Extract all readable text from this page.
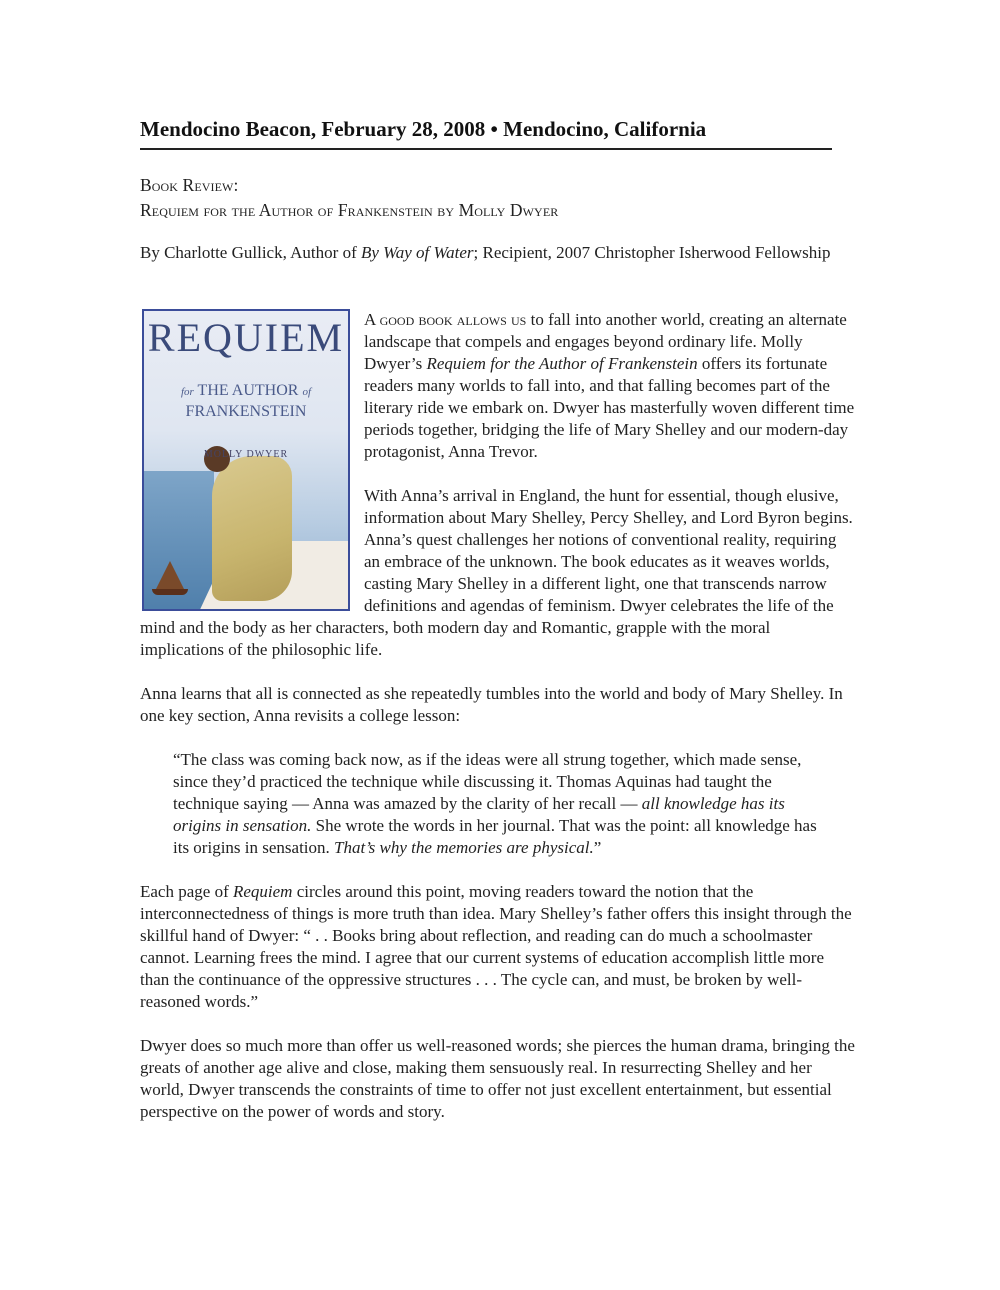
Mendocino Beacon, February 28, 2008 • Mendocino, California
Book Review:
Requiem for the Author of Frankenstein by Molly Dwyer
By Charlotte Gullick, Author of By Way of Water; Recipient, 2007 Christopher Isherwood Fellowship
REQUIEM
for THE AUTHOR of
FRANKENSTEIN
MOLLY DWYER

A good book allows us to fall into another world, creating an alternate landscape that compels and engages beyond ordinary life. Molly Dwyer’s Requiem for the Author of Frankenstein offers its fortunate readers many worlds to fall into, and that falling becomes part of the literary ride we embark on. Dwyer has masterfully woven different time periods together, bridging the life of Mary Shelley and our modern-day protagonist, Anna Trevor.

With Anna’s arrival in England, the hunt for essential, though elusive, information about Mary Shelley, Percy Shelley, and Lord Byron begins. Anna’s quest challenges her notions of conventional reality, requiring an embrace of the unknown. The book educates as it weaves worlds, casting Mary Shelley in a different light, one that transcends narrow definitions and agendas of feminism. Dwyer celebrates the life of the mind and the body as her characters, both modern day and Romantic, grapple with the moral implications of the philosophic life.

Anna learns that all is connected as she repeatedly tumbles into the world and body of Mary Shelley. In one key section, Anna revisits a college lesson:

“The class was coming back now, as if the ideas were all strung together, which made sense, since they’d practiced the technique while discussing it. Thomas Aquinas had taught the technique saying — Anna was amazed by the clarity of her recall — all knowledge has its origins in sensation. She wrote the words in her journal. That was the point: all knowledge has its origins in sensation. That’s why the memories are physical.”

Each page of Requiem circles around this point, moving readers toward the notion that the interconnectedness of things is more truth than idea. Mary Shelley’s father offers this insight through the skillful hand of Dwyer: “ . . Books bring about reflection, and reading can do much a schoolmaster cannot. Learning frees the mind. I agree that our current systems of education accomplish little more than the continuance of the oppressive structures . . . The cycle can, and must, be broken by well-reasoned words.”

Dwyer does so much more than offer us well-reasoned words; she pierces the human drama, bringing the greats of another age alive and close, making them sensuously real. In resurrecting Shelley and her world, Dwyer transcends the constraints of time to offer not just excellent entertainment, but essential perspective on the power of words and story.
